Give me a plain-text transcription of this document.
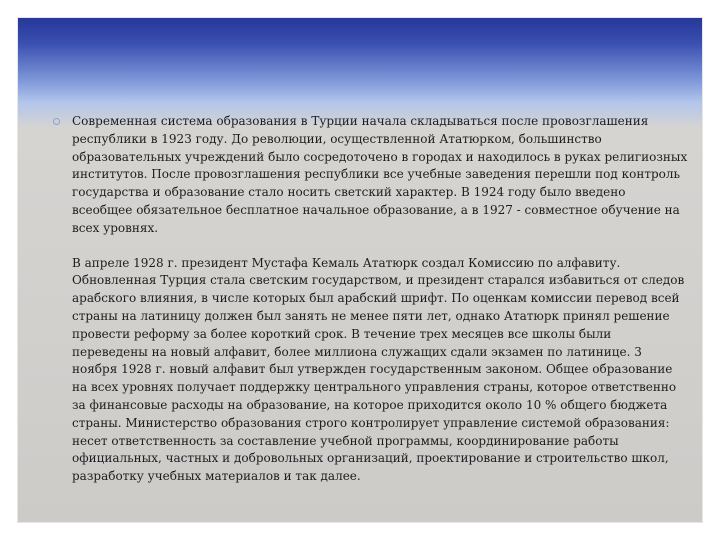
Современная система образования в Турции начала складываться после провозглашения республики в 1923 году. До революции, осуществленной Ататюрком, большинство образовательных учреждений было сосредоточено в городах и находилось в руках религиозных институтов. После провозглашения республики все учебные заведения перешли под контроль государства и образование стало носить светский характер. В 1924 году было введено всеобщее обязательное бесплатное начальное образование, а в 1927 - совместное обучение на всех уровнях.

В апреле 1928 г. президент Мустафа Кемаль Ататюрк создал Комиссию по алфавиту. Обновленная Турция стала светским государством, и президент старался избавиться от следов арабского влияния, в числе которых был арабский шрифт. По оценкам комиссии перевод всей страны на латиницу должен был занять не менее пяти лет, однако Ататюрк принял решение провести реформу за более короткий срок. В течение трех месяцев все школы были переведены на новый алфавит, более миллиона служащих сдали экзамен по латинице. 3 ноября 1928 г. новый алфавит был утвержден государственным законом. Общее образование на всех уровнях получает поддержку центрального управления страны, которое ответственно за финансовые расходы на образование, на которое приходится около 10 % общего бюджета страны. Министерство образования строго контролирует управление системой образования: несет ответственность за составление учебной программы, координирование работы официальных, частных и добровольных организаций, проектирование и строительство школ, разработку учебных материалов и так далее.
